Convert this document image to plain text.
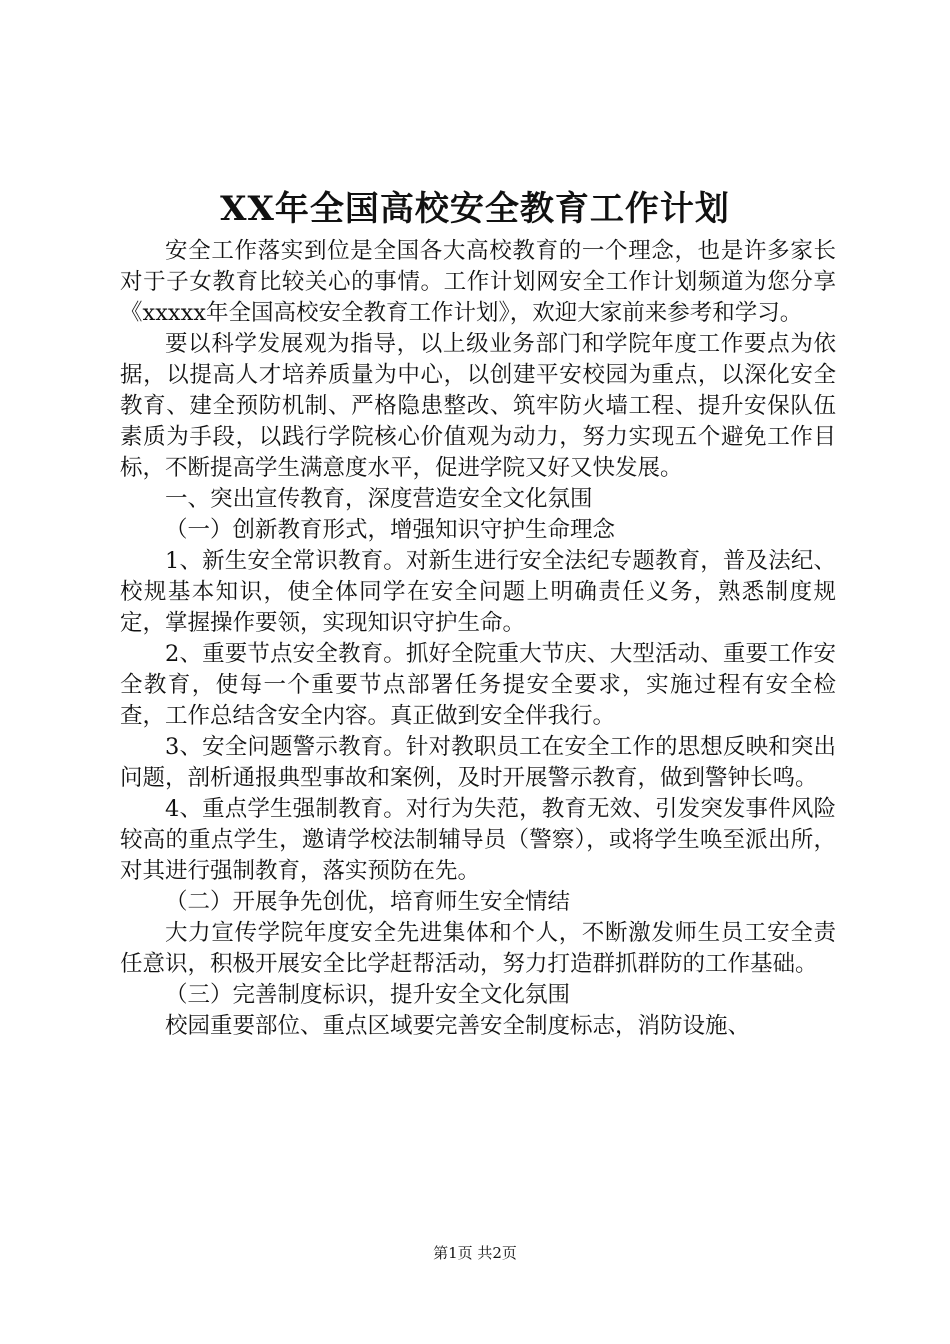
XX年全国高校安全教育工作计划

安全工作落实到位是全国各大高校教育的一个理念，也是许多家长对于子女教育比较关心的事情。工作计划网安全工作计划频道为您分享《xxxxx年全国高校安全教育工作计划》，欢迎大家前来参考和学习。

要以科学发展观为指导，以上级业务部门和学院年度工作要点为依据，以提高人才培养质量为中心，以创建平安校园为重点，以深化安全教育、建全预防机制、严格隐患整改、筑牢防火墙工程、提升安保队伍素质为手段，以践行学院核心价值观为动力，努力实现五个避免工作目标，不断提高学生满意度水平，促进学院又好又快发展。

一、突出宣传教育，深度营造安全文化氛围

（一）创新教育形式，增强知识守护生命理念

1、新生安全常识教育。对新生进行安全法纪专题教育，普及法纪、校规基本知识，使全体同学在安全问题上明确责任义务，熟悉制度规定，掌握操作要领，实现知识守护生命。

2、重要节点安全教育。抓好全院重大节庆、大型活动、重要工作安全教育，使每一个重要节点部署任务提安全要求，实施过程有安全检查，工作总结含安全内容。真正做到安全伴我行。

3、安全问题警示教育。针对教职员工在安全工作的思想反映和突出问题，剖析通报典型事故和案例，及时开展警示教育，做到警钟长鸣。

4、重点学生强制教育。对行为失范，教育无效、引发突发事件风险较高的重点学生，邀请学校法制辅导员（警察），或将学生唤至派出所，对其进行强制教育，落实预防在先。

（二）开展争先创优，培育师生安全情结

大力宣传学院年度安全先进集体和个人，不断激发师生员工安全责任意识，积极开展安全比学赶帮活动，努力打造群抓群防的工作基础。

（三）完善制度标识，提升安全文化氛围

校园重要部位、重点区域要完善安全制度标志，消防设施、

第1页 共2页
